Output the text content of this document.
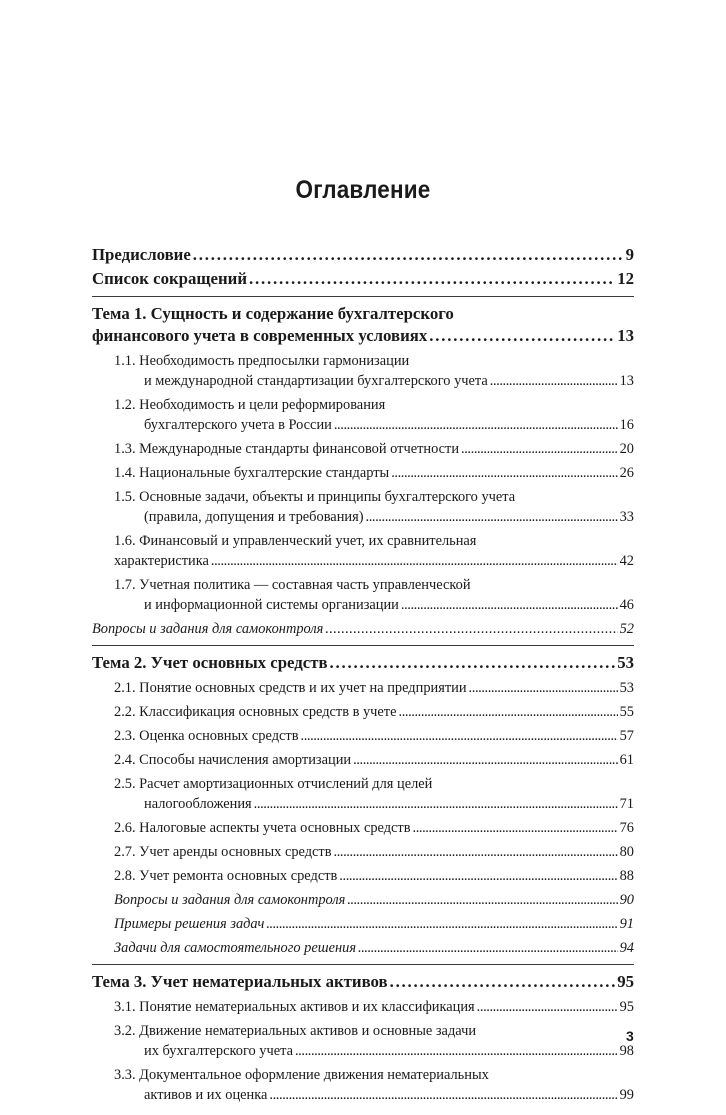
Оглавление
Предисловие . . .	9
Список сокращений . . .	12
Тема 1. Сущность и содержание бухгалтерского
финансового учета в современных условиях . . .	13
1.1. Необходимость предпосылки гармонизации
и международной стандартизации бухгалтерского учета . . .	13
1.2. Необходимость и цели реформирования
бухгалтерского учета в России . . .	16
1.3. Международные стандарты финансовой отчетности . . .	20
1.4. Национальные бухгалтерские стандарты . . .	26
1.5. Основные задачи, объекты и принципы бухгалтерского учета
(правила, допущения и требования) . . .	33
1.6. Финансовый и управленческий учет, их сравнительная
характеристика . . .	42
1.7. Учетная политика — составная часть управленческой
и информационной системы организации . . .	46
Вопросы и задания для самоконтроля . . .	52
Тема 2. Учет основных средств . . .	53
2.1. Понятие основных средств и их учет на предприятии . . .	53
2.2. Классификация основных средств в учете . . .	55
2.3. Оценка основных средств . . .	57
2.4. Способы начисления амортизации . . .	61
2.5. Расчет амортизационных отчислений для целей
налогообложения . . .	71
2.6. Налоговые аспекты учета основных средств . . .	76
2.7. Учет аренды основных средств . . .	80
2.8. Учет ремонта основных средств . . .	88
Вопросы и задания для самоконтроля . . .	90
Примеры решения задач . . .	91
Задачи для самостоятельного решения . . .	94
Тема 3. Учет нематериальных активов . . .	95
3.1. Понятие нематериальных активов и их классификация . . .	95
3.2. Движение нематериальных активов и основные задачи
их бухгалтерского учета . . .	98
3.3. Документальное оформление движения нематериальных
активов и их оценка . . .	99
3
